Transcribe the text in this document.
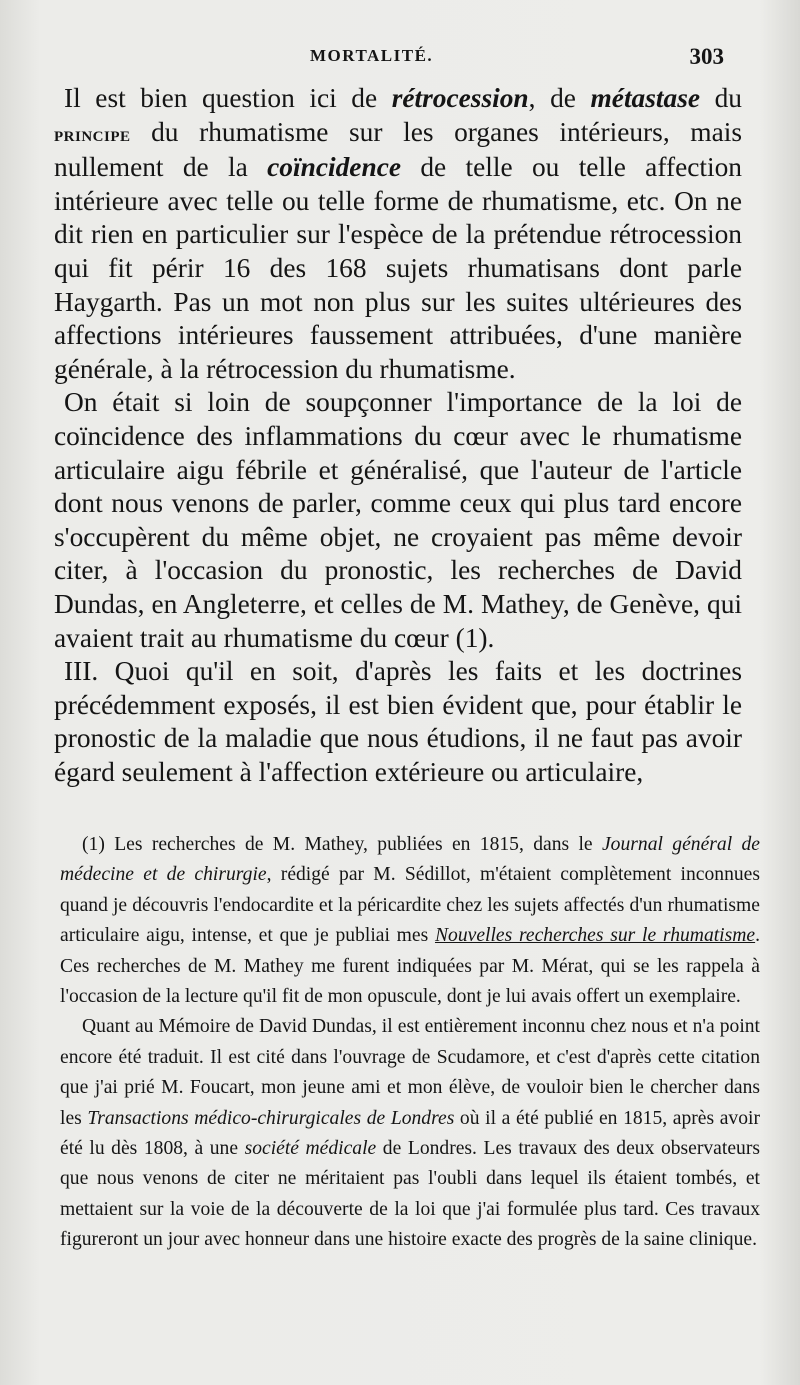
MORTALITÉ.	303

Il est bien question ici de rétrocession, de métastase du principe du rhumatisme sur les organes intérieurs, mais nullement de la coïncidence de telle ou telle affection intérieure avec telle ou telle forme de rhumatisme, etc. On ne dit rien en particulier sur l'espèce de la prétendue rétrocession qui fit périr 16 des 168 sujets rhumatisans dont parle Haygarth. Pas un mot non plus sur les suites ultérieures des affections intérieures faussement attribuées, d'une manière générale, à la rétrocession du rhumatisme.

On était si loin de soupçonner l'importance de la loi de coïncidence des inflammations du cœur avec le rhumatisme articulaire aigu fébrile et généralisé, que l'auteur de l'article dont nous venons de parler, comme ceux qui plus tard encore s'occupèrent du même objet, ne croyaient pas même devoir citer, à l'occasion du pronostic, les recherches de David Dundas, en Angleterre, et celles de M. Mathey, de Genève, qui avaient trait au rhumatisme du cœur (1).

III. Quoi qu'il en soit, d'après les faits et les doctrines précédemment exposés, il est bien évident que, pour établir le pronostic de la maladie que nous étudions, il ne faut pas avoir égard seulement à l'affection extérieure ou articulaire,

(1) Les recherches de M. Mathey, publiées en 1815, dans le Journal général de médecine et de chirurgie, rédigé par M. Sédillot, m'étaient complètement inconnues quand je découvris l'endocardite et la péricardite chez les sujets affectés d'un rhumatisme articulaire aigu, intense, et que je publiai mes Nouvelles recherches sur le rhumatisme. Ces recherches de M. Mathey me furent indiquées par M. Mérat, qui se les rappela à l'occasion de la lecture qu'il fit de mon opuscule, dont je lui avais offert un exemplaire.

Quant au Mémoire de David Dundas, il est entièrement inconnu chez nous et n'a point encore été traduit. Il est cité dans l'ouvrage de Scudamore, et c'est d'après cette citation que j'ai prié M. Foucart, mon jeune ami et mon élève, de vouloir bien le chercher dans les Transactions médico-chirurgicales de Londres où il a été publié en 1815, après avoir été lu dès 1808, à une société médicale de Londres. Les travaux des deux observateurs que nous venons de citer ne méritaient pas l'oubli dans lequel ils étaient tombés, et mettaient sur la voie de la découverte de la loi que j'ai formulée plus tard. Ces travaux figureront un jour avec honneur dans une histoire exacte des progrès de la saine clinique.
